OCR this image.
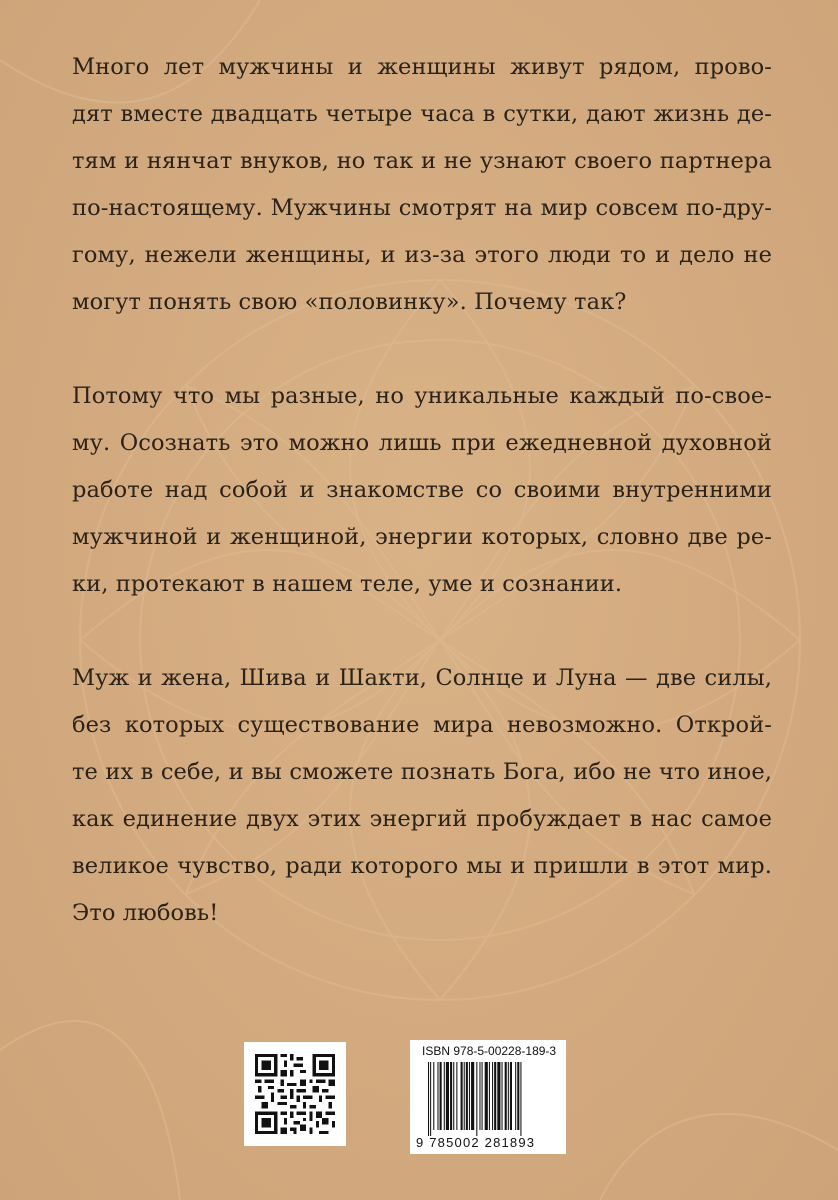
Много лет мужчины и женщины живут рядом, прово-
дят вместе двадцать четыре часа в сутки, дают жизнь де-
тям и нянчат внуков, но так и не узнают своего партнера
по-настоящему. Мужчины смотрят на мир совсем по-дру-
гому, нежели женщины, и из-за этого люди то и дело не
могут понять свою «половинку». Почему так?
Потому что мы разные, но уникальные каждый по-свое-
му. Осознать это можно лишь при ежедневной духовной
работе над собой и знакомстве со своими внутренними
мужчиной и женщиной, энергии которых, словно две ре-
ки, протекают в нашем теле, уме и сознании.
Муж и жена, Шива и Шакти, Солнце и Луна — две силы,
без которых существование мира невозможно. Открой-
те их в себе, и вы сможете познать Бога, ибо не что иное,
как единение двух этих энергий пробуждает в нас самое
великое чувство, ради которого мы и пришли в этот мир.
Это любовь!
ISBN 978-5-00228-189-3
9 785002 281893
